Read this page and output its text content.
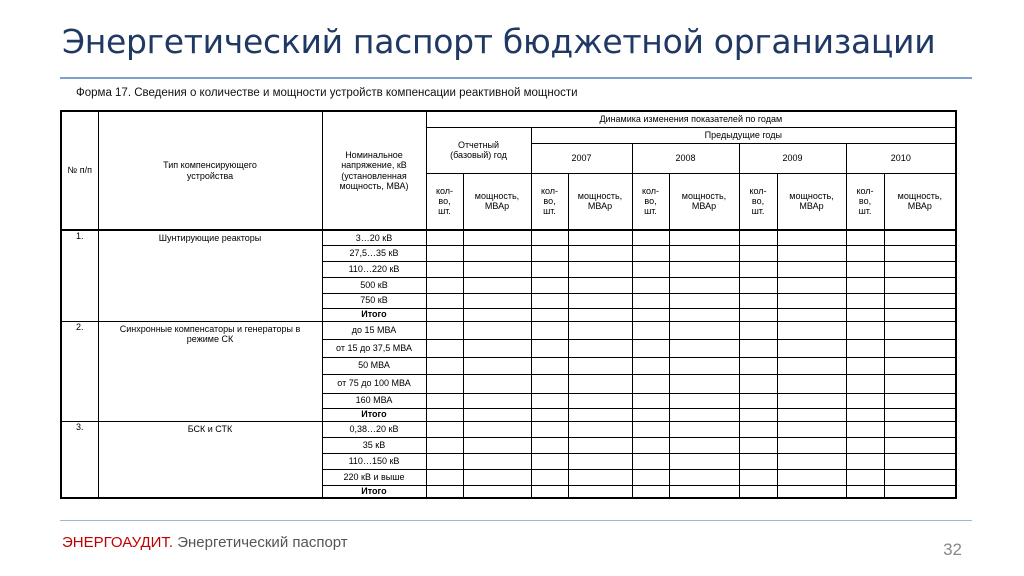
Энергетический паспорт бюджетной организации
Форма 17. Сведения о количестве и мощности устройств компенсации реактивной мощности
№ п/п	Тип компенсирующего устройства	Номинальное напряжение, кВ (установленная мощность, МВА)	Динамика изменения показателей по годам									
			Отчетный (базовый) год		Предыдущие годы							
					2007		2008		2009		2010	
			кол-во, шт.	мощность, МВАр	кол-во, шт.	мощность, МВАр	кол-во, шт.	мощность, МВАр	кол-во, шт.	мощность, МВАр	кол-во, шт.	мощность, МВАр
1.	Шунтирующие реакторы	3…20 кВ										
		27,5…35 кВ										
		110…220 кВ										
		500 кВ										
		750 кВ										
		Итого										
2.	Синхронные компенсаторы и генераторы в режиме СК	до 15 МВА										
		от 15 до 37,5 МВА										
		50 МВА										
		от 75 до 100 МВА										
		160 МВА										
		Итого										
3.	БСК и СТК	0,38…20 кВ										
		35 кВ										
		110…150 кВ										
		220 кВ и выше										
		Итого										
ЭНЕРГОАУДИТ. Энергетический паспорт	32
